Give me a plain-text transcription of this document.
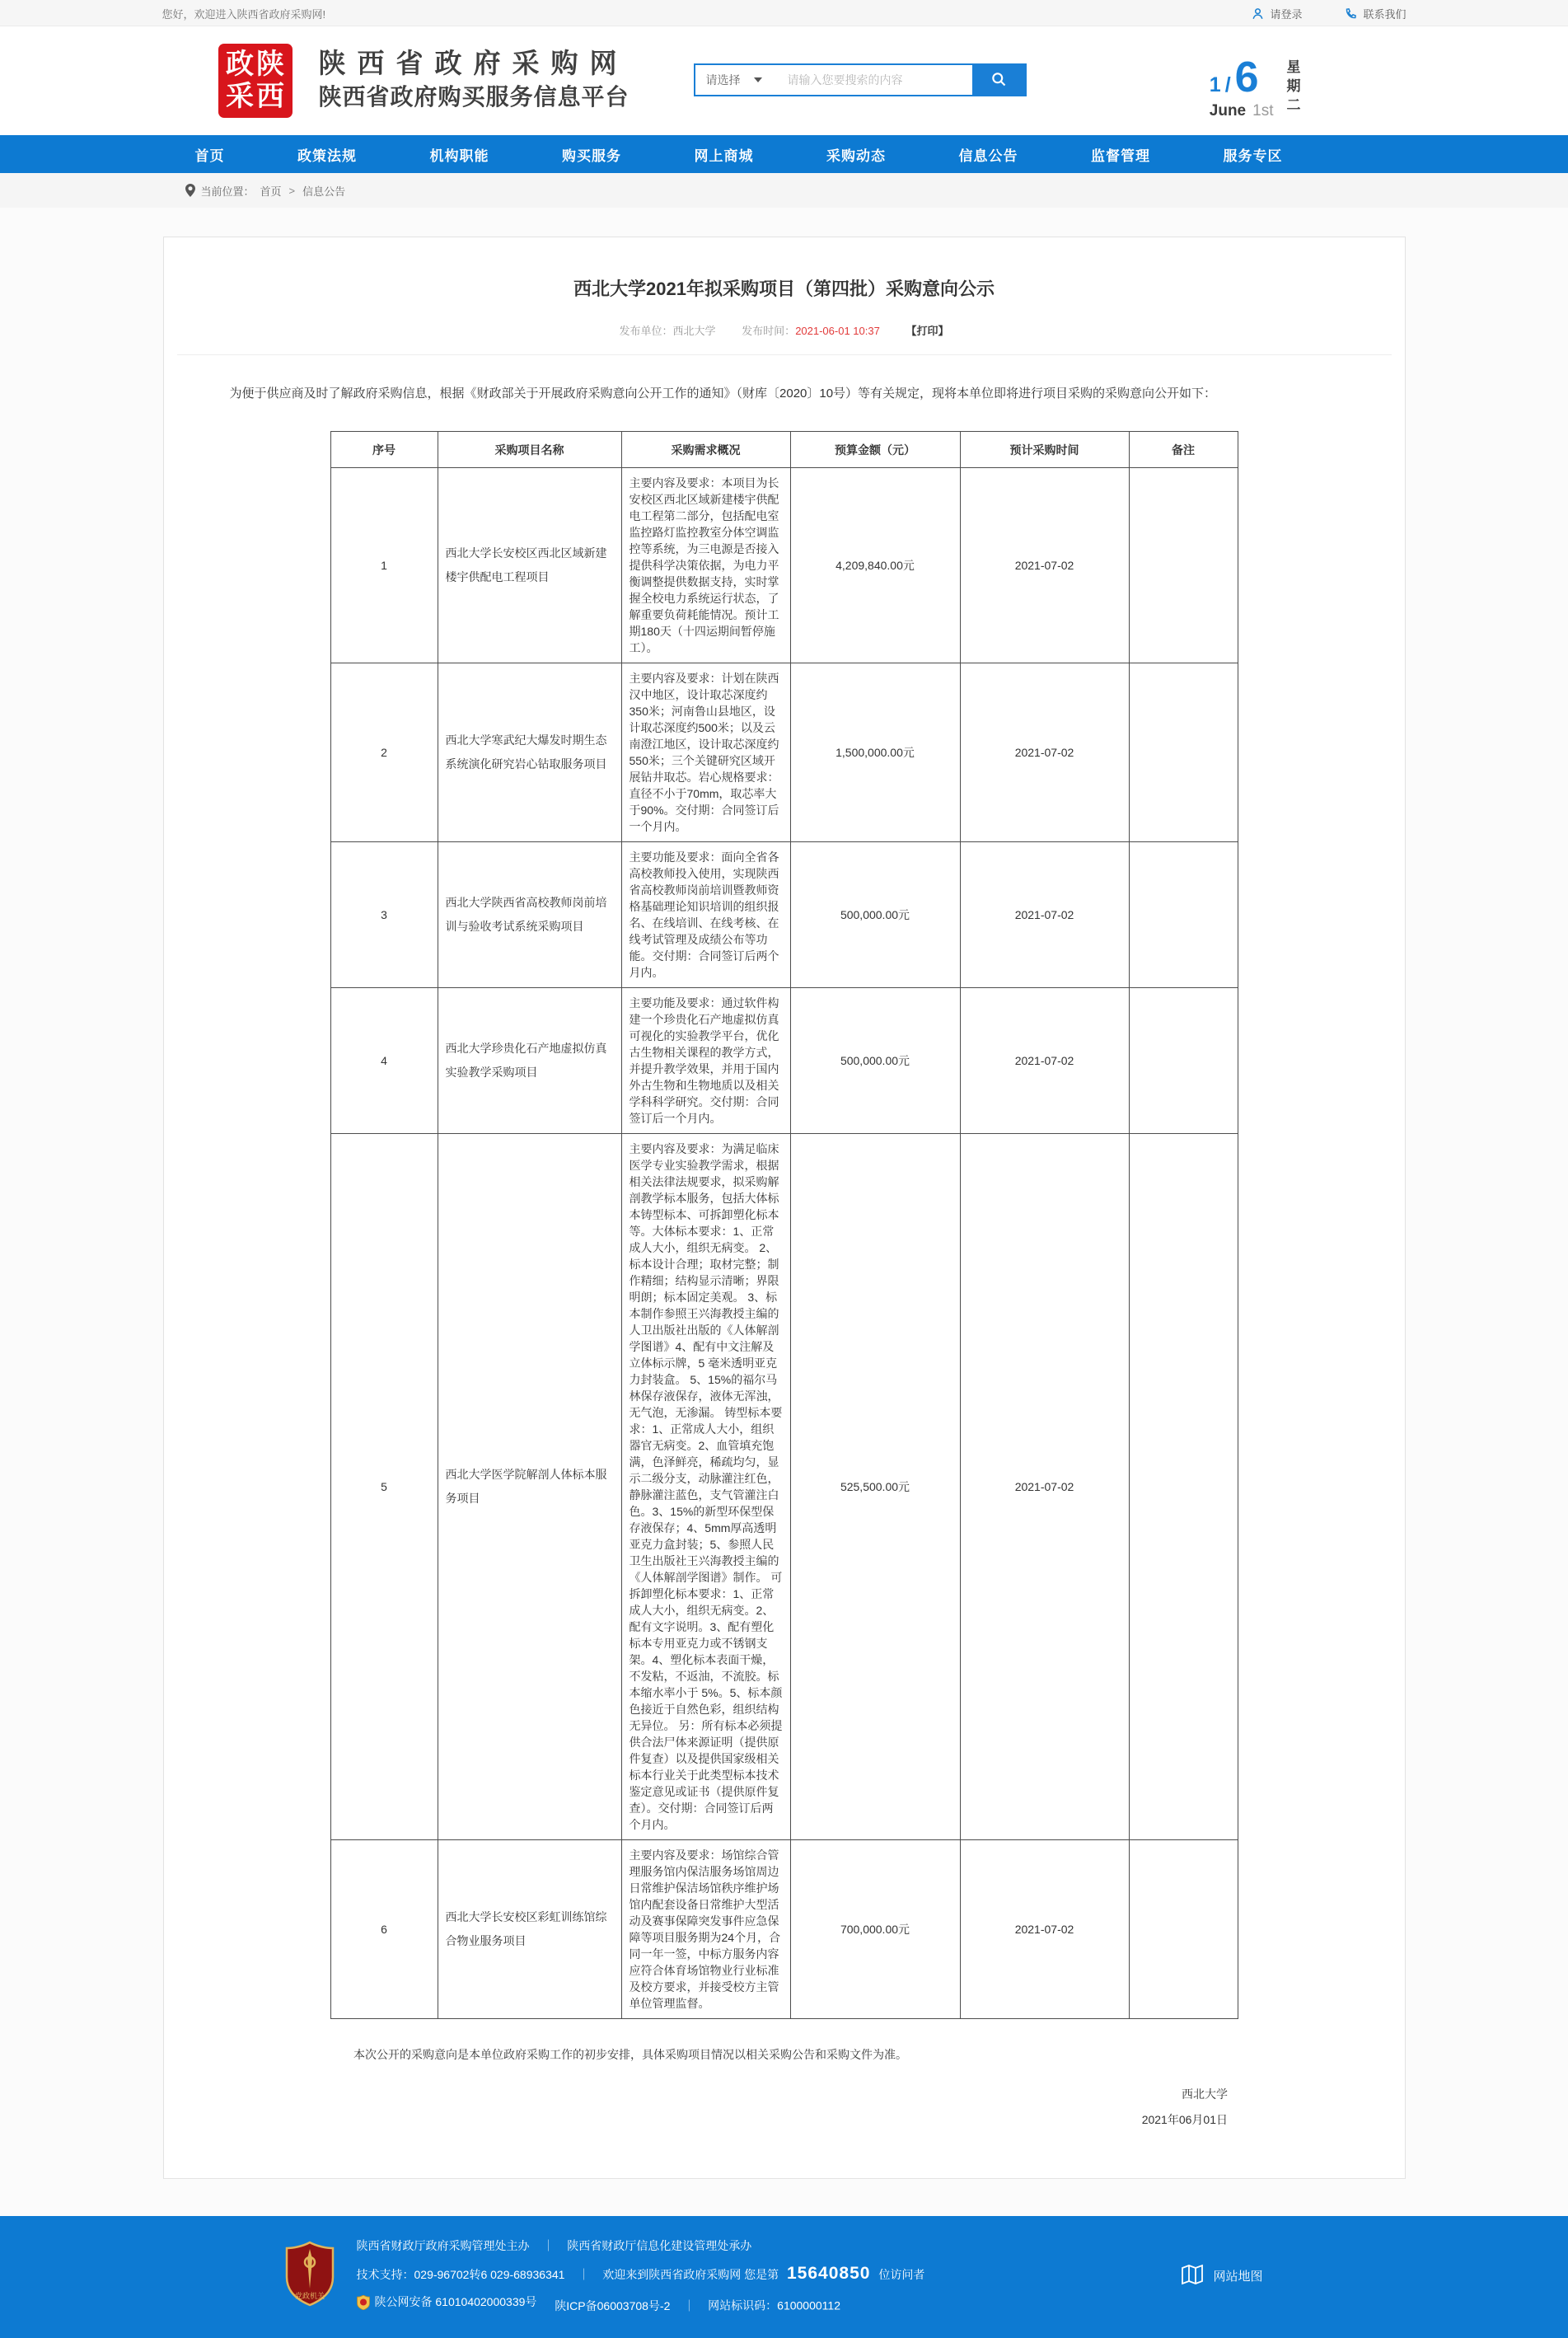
您好，欢迎进入陕西省政府采购网!	请登录	联系我们
政 陕
采 西
陕西省政府采购网
陕西省政府购买服务信息平台
请选择
请输入您要搜索的内容	1 / 6
June 1st
星
期
二
首页	政策法规	机构职能	购买服务	网上商城	采购动态	信息公告	监督管理	服务专区
当前位置： 首页 > 信息公告
西北大学2021年拟采购项目（第四批）采购意向公示
发布单位：西北大学 发布时间：2021-06-01 10:37 【打印】

为便于供应商及时了解政府采购信息，根据《财政部关于开展政府采购意向公开工作的通知》（财库〔2020〕10号）等有关规定，现将本单位即将进行项目采购的采购意向公开如下：

序号	采购项目名称	采购需求概况	预算金额（元）	预计采购时间	备注
1	西北大学长安校区西北区域新建楼宇供配电工程项目	主要内容及要求：本项目为长安校区西北区域新建楼宇供配电工程第二部分，包括配电室监控路灯监控教室分体空调监控等系统，为三电源是否接入提供科学决策依据，为电力平衡调整提供数据支持，实时掌握全校电力系统运行状态，了解重要负荷耗能情况。预计工期180天（十四运期间暂停施工）。	4,209,840.00元	2021-07-02	
2	西北大学寒武纪大爆发时期生态系统演化研究岩心钻取服务项目	主要内容及要求：计划在陕西汉中地区，设计取芯深度约350米；河南鲁山县地区，设计取芯深度约500米；以及云南澄江地区，设计取芯深度约550米；三个关键研究区域开展钻井取芯。岩心规格要求：直径不小于70mm，取芯率大于90%。交付期：合同签订后一个月内。	1,500,000.00元	2021-07-02	
3	西北大学陕西省高校教师岗前培训与验收考试系统采购项目	主要功能及要求：面向全省各高校教师投入使用，实现陕西省高校教师岗前培训暨教师资格基础理论知识培训的组织报名、在线培训、在线考核、在线考试管理及成绩公布等功能。交付期：合同签订后两个月内。	500,000.00元	2021-07-02	
4	西北大学珍贵化石产地虚拟仿真实验教学采购项目	主要功能及要求：通过软件构建一个珍贵化石产地虚拟仿真可视化的实验教学平台，优化古生物相关课程的教学方式，并提升教学效果，并用于国内外古生物和生物地质以及相关学科科学研究。交付期：合同签订后一个月内。	500,000.00元	2021-07-02	
5	西北大学医学院解剖人体标本服务项目	主要内容及要求：为满足临床医学专业实验教学需求，根据相关法律法规要求，拟采购解剖教学标本服务，包括大体标本铸型标本、可拆卸塑化标本等。大体标本要求：1、正常成人大小，组织无病变。 2、标本设计合理；取材完整；制作精细；结构显示清晰；界限明朗；标本固定美观。 3、标本制作参照王兴海教授主编的人卫出版社出版的《人体解剖学图谱》4、配有中文注解及立体标示牌，5 毫米透明亚克力封装盒。 5、15%的福尔马林保存液保存，液体无浑浊，无气泡，无渗漏。 铸型标本要求：1、正常成人大小，组织器官无病变。2、血管填充饱满，色泽鲜亮，稀疏均匀，显示二级分支，动脉灌注红色，静脉灌注蓝色，支气管灌注白色。3、15%的新型环保型保存液保存；4、5mm厚高透明亚克力盒封装；5、参照人民卫生出版社王兴海教授主编的《人体解剖学图谱》制作。 可拆卸塑化标本要求：1、正常成人大小，组织无病变。2、配有文字说明。3、配有塑化标本专用亚克力或不锈钢支架。4、塑化标本表面干燥，不发粘，不返油，不流胶。标本缩水率小于 5%。5、标本颜色接近于自然色彩，组织结构无异位。 另：所有标本必须提供合法尸体来源证明（提供原件复查）以及提供国家级相关标本行业关于此类型标本技术鉴定意见或证书（提供原件复查）。交付期：合同签订后两个月内。	525,500.00元	2021-07-02	
6	西北大学长安校区彩虹训练馆综合物业服务项目	主要内容及要求：场馆综合管理服务馆内保洁服务场馆周边日常维护保洁场馆秩序维护场馆内配套设备日常维护大型活动及赛事保障突发事件应急保障等项目服务期为24个月，合同一年一签，中标方服务内容应符合体育场馆物业行业标准及校方要求，并接受校方主管单位管理监督。	700,000.00元	2021-07-02	

本次公开的采购意向是本单位政府采购工作的初步安排，具体采购项目情况以相关采购公告和采购文件为准。

西北大学
2021年06月01日
党政机关
陕西省财政厅政府采购管理处主办 ｜ 陕西省财政厅信息化建设管理处承办
技术支持：029-96702转6 029-68936341 ｜ 欢迎来到陕西省政府采购网 您是第 15640850 位访问者
陕公网安备 61010402000339号 陕ICP备06003708号-2 ｜ 网站标识码：6100000112
网站地图
